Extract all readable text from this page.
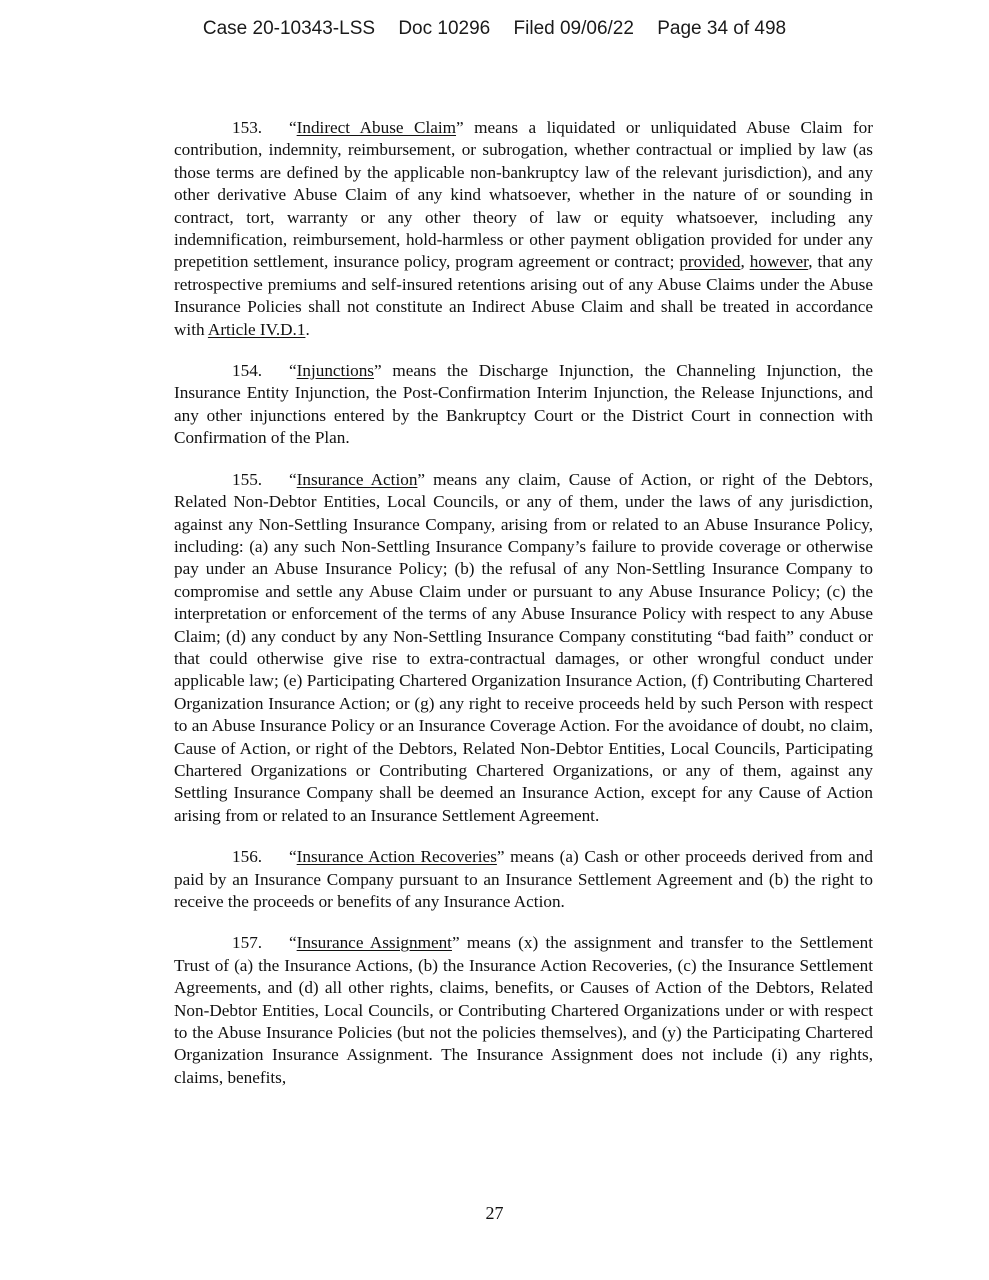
Case 20-10343-LSS Doc 10296 Filed 09/06/22 Page 34 of 498

153. “Indirect Abuse Claim” means a liquidated or unliquidated Abuse Claim for contribution, indemnity, reimbursement, or subrogation, whether contractual or implied by law (as those terms are defined by the applicable non-bankruptcy law of the relevant jurisdiction), and any other derivative Abuse Claim of any kind whatsoever, whether in the nature of or sounding in contract, tort, warranty or any other theory of law or equity whatsoever, including any indemnification, reimbursement, hold-harmless or other payment obligation provided for under any prepetition settlement, insurance policy, program agreement or contract; provided, however, that any retrospective premiums and self-insured retentions arising out of any Abuse Claims under the Abuse Insurance Policies shall not constitute an Indirect Abuse Claim and shall be treated in accordance with Article IV.D.1.

154. “Injunctions” means the Discharge Injunction, the Channeling Injunction, the Insurance Entity Injunction, the Post-Confirmation Interim Injunction, the Release Injunctions, and any other injunctions entered by the Bankruptcy Court or the District Court in connection with Confirmation of the Plan.

155. “Insurance Action” means any claim, Cause of Action, or right of the Debtors, Related Non-Debtor Entities, Local Councils, or any of them, under the laws of any jurisdiction, against any Non-Settling Insurance Company, arising from or related to an Abuse Insurance Policy, including: (a) any such Non-Settling Insurance Company’s failure to provide coverage or otherwise pay under an Abuse Insurance Policy; (b) the refusal of any Non-Settling Insurance Company to compromise and settle any Abuse Claim under or pursuant to any Abuse Insurance Policy; (c) the interpretation or enforcement of the terms of any Abuse Insurance Policy with respect to any Abuse Claim; (d) any conduct by any Non-Settling Insurance Company constituting “bad faith” conduct or that could otherwise give rise to extra-contractual damages, or other wrongful conduct under applicable law; (e) Participating Chartered Organization Insurance Action, (f) Contributing Chartered Organization Insurance Action; or (g) any right to receive proceeds held by such Person with respect to an Abuse Insurance Policy or an Insurance Coverage Action. For the avoidance of doubt, no claim, Cause of Action, or right of the Debtors, Related Non-Debtor Entities, Local Councils, Participating Chartered Organizations or Contributing Chartered Organizations, or any of them, against any Settling Insurance Company shall be deemed an Insurance Action, except for any Cause of Action arising from or related to an Insurance Settlement Agreement.

156. “Insurance Action Recoveries” means (a) Cash or other proceeds derived from and paid by an Insurance Company pursuant to an Insurance Settlement Agreement and (b) the right to receive the proceeds or benefits of any Insurance Action.

157. “Insurance Assignment” means (x) the assignment and transfer to the Settlement Trust of (a) the Insurance Actions, (b) the Insurance Action Recoveries, (c) the Insurance Settlement Agreements, and (d) all other rights, claims, benefits, or Causes of Action of the Debtors, Related Non-Debtor Entities, Local Councils, or Contributing Chartered Organizations under or with respect to the Abuse Insurance Policies (but not the policies themselves), and (y) the Participating Chartered Organization Insurance Assignment. The Insurance Assignment does not include (i) any rights, claims, benefits,

27
